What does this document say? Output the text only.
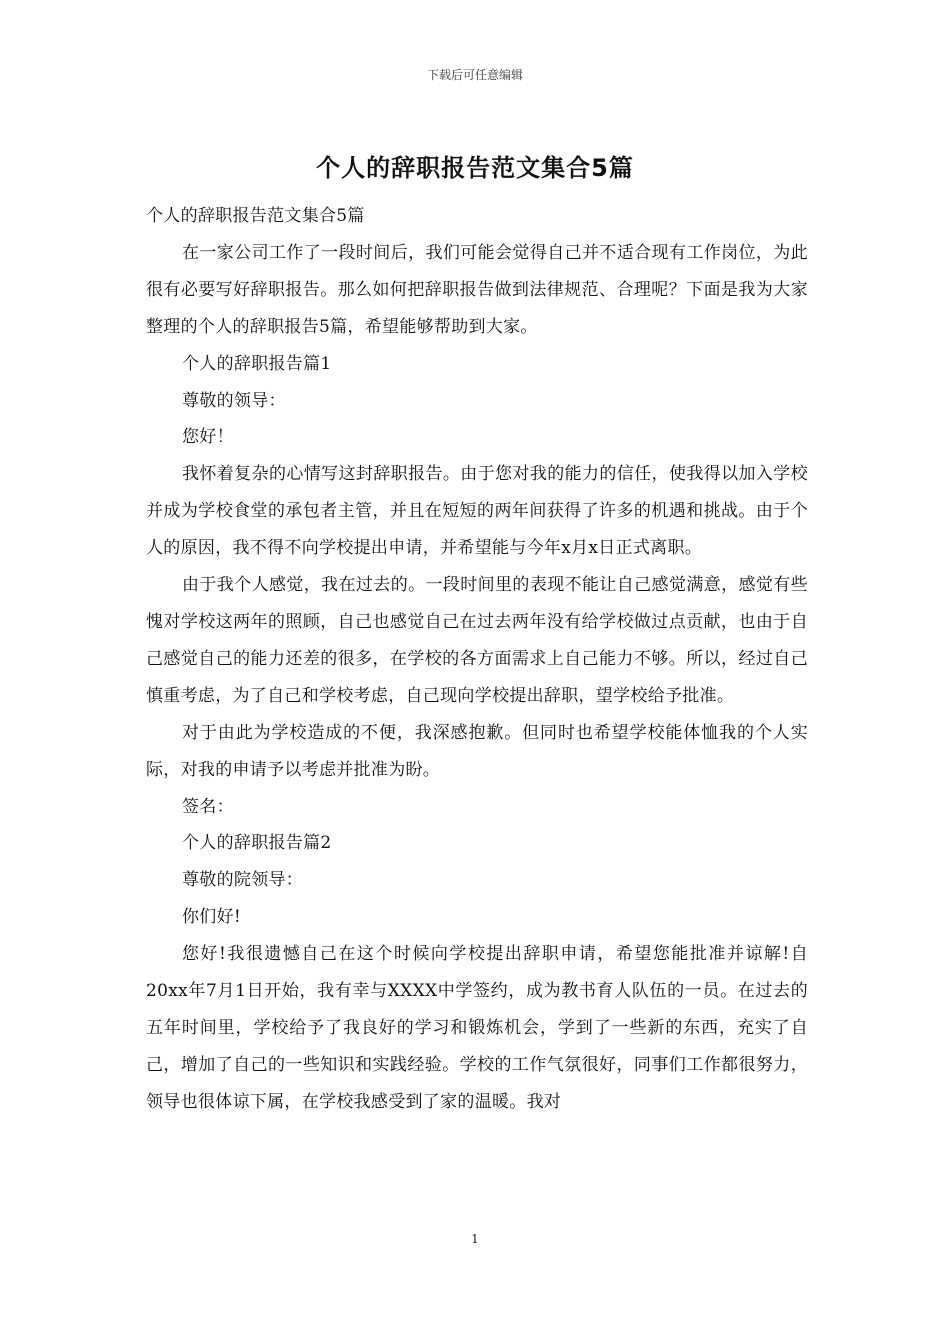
下载后可任意编辑
个人的辞职报告范文集合5篇

个人的辞职报告范文集合5篇

在一家公司工作了一段时间后，我们可能会觉得自己并不适合现有工作岗位，为此很有必要写好辞职报告。那么如何把辞职报告做到法律规范、合理呢？下面是我为大家整理的个人的辞职报告5篇，希望能够帮助到大家。

个人的辞职报告篇1

尊敬的领导：

您好！

我怀着复杂的心情写这封辞职报告。由于您对我的能力的信任，使我得以加入学校并成为学校食堂的承包者主管，并且在短短的两年间获得了许多的机遇和挑战。由于个人的原因，我不得不向学校提出申请，并希望能与今年x月x日正式离职。

由于我个人感觉，我在过去的。一段时间里的表现不能让自己感觉满意，感觉有些愧对学校这两年的照顾，自己也感觉自己在过去两年没有给学校做过点贡献，也由于自己感觉自己的能力还差的很多，在学校的各方面需求上自己能力不够。所以，经过自己慎重考虑，为了自己和学校考虑，自己现向学校提出辞职，望学校给予批准。

对于由此为学校造成的不便，我深感抱歉。但同时也希望学校能体恤我的个人实际，对我的申请予以考虑并批准为盼。

签名：

个人的辞职报告篇2

尊敬的院领导：

你们好!

您好!我很遗憾自己在这个时候向学校提出辞职申请，希望您能批准并谅解!自20xx年7月1日开始，我有幸与XXXX中学签约，成为教书育人队伍的一员。在过去的五年时间里，学校给予了我良好的学习和锻炼机会，学到了一些新的东西，充实了自己，增加了自己的一些知识和实践经验。学校的工作气氛很好，同事们工作都很努力，领导也很体谅下属，在学校我感受到了家的温暖。我对

1
